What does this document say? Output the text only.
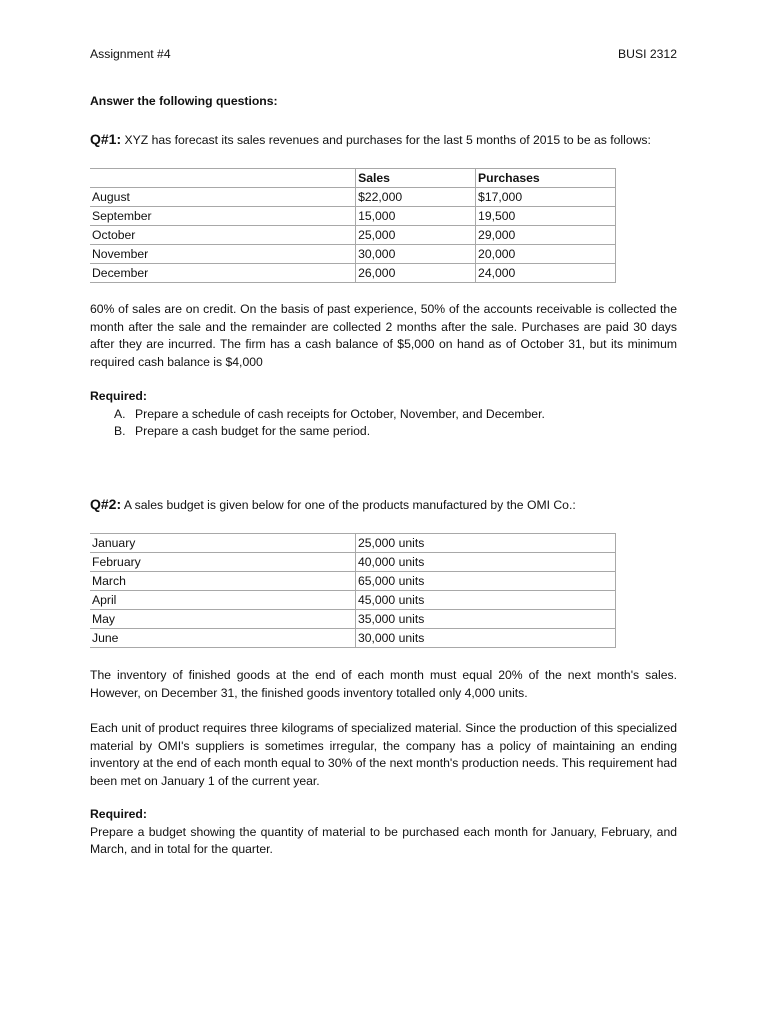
Assignment #4	BUSI 2312
Answer the following questions:
Q#1: XYZ has forecast its sales revenues and purchases for the last 5 months of 2015 to be as follows:
	Sales	Purchases
August	$22,000	$17,000
September	15,000	19,500
October	25,000	29,000
November	30,000	20,000
December	26,000	24,000
60% of sales are on credit. On the basis of past experience, 50% of the accounts receivable is collected the month after the sale and the remainder are collected 2 months after the sale. Purchases are paid 30 days after they are incurred. The firm has a cash balance of $5,000 on hand as of October 31, but its minimum required cash balance is $4,000
Required:
A. Prepare a schedule of cash receipts for October, November, and December.
B. Prepare a cash budget for the same period.
Q#2: A sales budget is given below for one of the products manufactured by the OMI Co.:
January	25,000 units
February	40,000 units
March	65,000 units
April	45,000 units
May	35,000 units
June	30,000 units
The inventory of finished goods at the end of each month must equal 20% of the next month's sales. However, on December 31, the finished goods inventory totalled only 4,000 units.
Each unit of product requires three kilograms of specialized material. Since the production of this specialized material by OMI's suppliers is sometimes irregular, the company has a policy of maintaining an ending inventory at the end of each month equal to 30% of the next month's production needs. This requirement had been met on January 1 of the current year.
Required:
Prepare a budget showing the quantity of material to be purchased each month for January, February, and March, and in total for the quarter.
